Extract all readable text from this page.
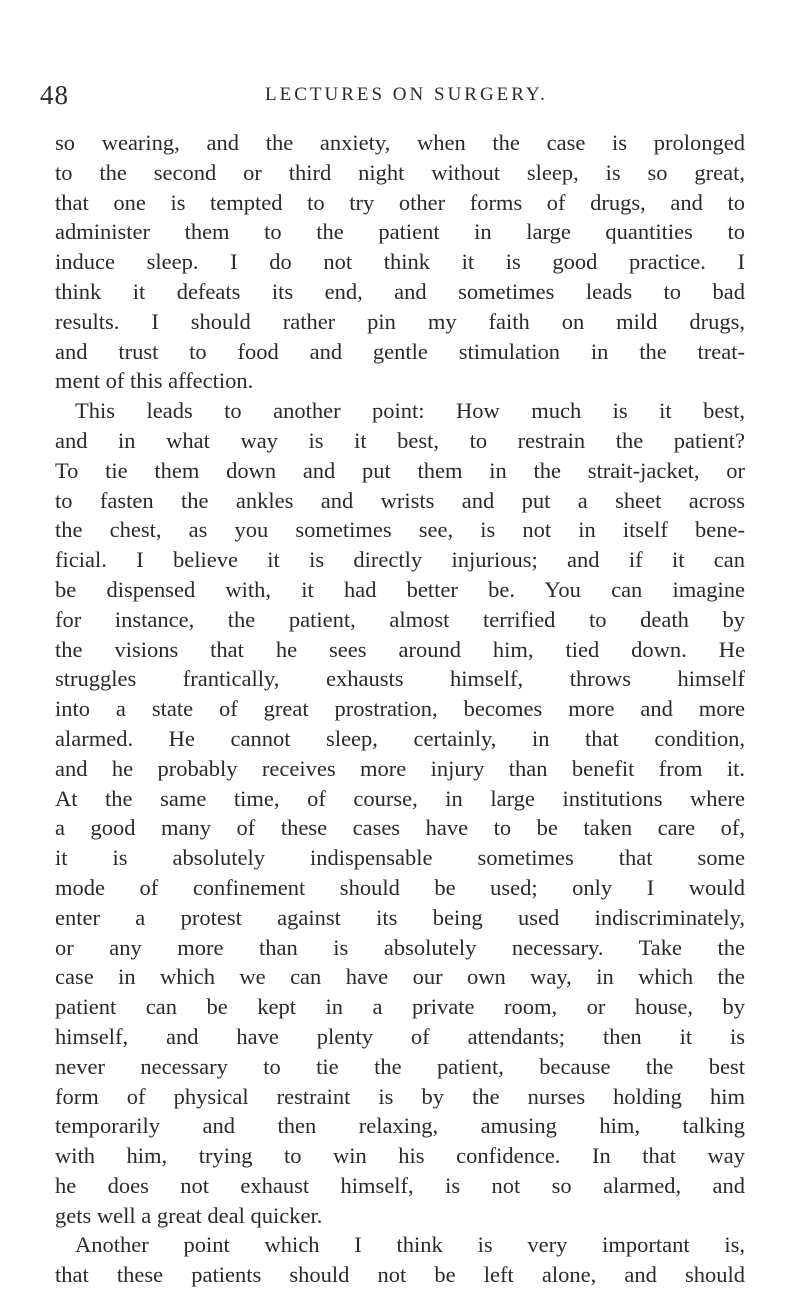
48	LECTURES ON SURGERY.
so wearing, and the anxiety, when the case is prolonged
to the second or third night without sleep, is so great,
that one is tempted to try other forms of drugs, and to
administer them to the patient in large quantities to
induce sleep. I do not think it is good practice. I
think it defeats its end, and sometimes leads to bad
results. I should rather pin my faith on mild drugs,
and trust to food and gentle stimulation in the treat-
ment of this affection.
This leads to another point: How much is it best,
and in what way is it best, to restrain the patient?
To tie them down and put them in the strait-jacket, or
to fasten the ankles and wrists and put a sheet across
the chest, as you sometimes see, is not in itself bene-
ficial. I believe it is directly injurious; and if it can
be dispensed with, it had better be. You can imagine
for instance, the patient, almost terrified to death by
the visions that he sees around him, tied down. He
struggles frantically, exhausts himself, throws himself
into a state of great prostration, becomes more and more
alarmed. He cannot sleep, certainly, in that condition,
and he probably receives more injury than benefit from it.
At the same time, of course, in large institutions where
a good many of these cases have to be taken care of,
it is absolutely indispensable sometimes that some
mode of confinement should be used; only I would
enter a protest against its being used indiscriminately,
or any more than is absolutely necessary. Take the
case in which we can have our own way, in which the
patient can be kept in a private room, or house, by
himself, and have plenty of attendants; then it is
never necessary to tie the patient, because the best
form of physical restraint is by the nurses holding him
temporarily and then relaxing, amusing him, talking
with him, trying to win his confidence. In that way
he does not exhaust himself, is not so alarmed, and
gets well a great deal quicker.
Another point which I think is very important is,
that these patients should not be left alone, and should
